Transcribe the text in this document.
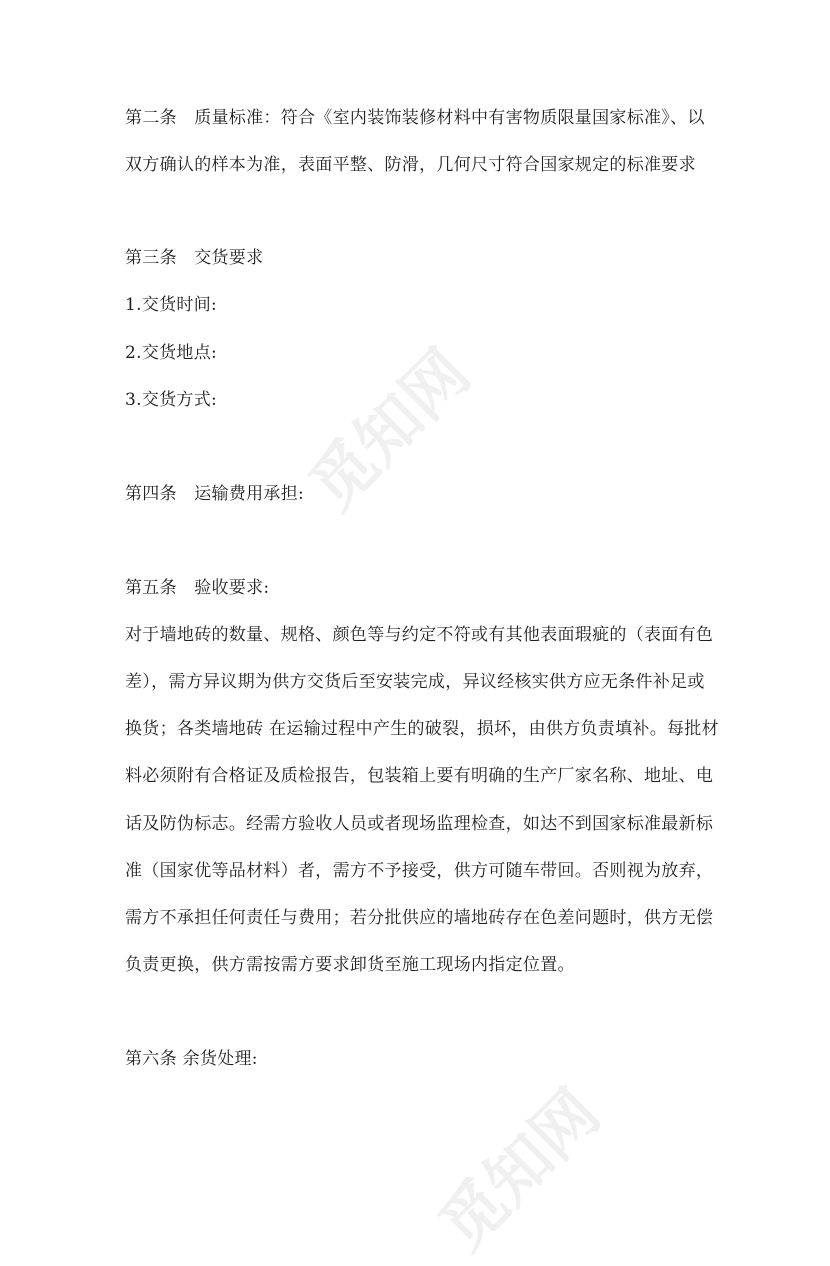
觅知网
觅知网
第二条　质量标准：符合《室内装饰装修材料中有害物质限量国家标准》、以
双方确认的样本为准，表面平整、防滑，几何尺寸符合国家规定的标准要求
第三条　交货要求
1.交货时间:
2.交货地点:
3.交货方式:
第四条　运输费用承担:
第五条　验收要求:
对于墙地砖的数量、规格、颜色等与约定不符或有其他表面瑕疵的（表面有色
差），需方异议期为供方交货后至安装完成，异议经核实供方应无条件补足或
换货；各类墙地砖 在运输过程中产生的破裂，损坏，由供方负责填补。每批材
料必须附有合格证及质检报告，包装箱上要有明确的生产厂家名称、地址、电
话及防伪标志。经需方验收人员或者现场监理检查，如达不到国家标准最新标
准（国家优等品材料）者，需方不予接受，供方可随车带回。否则视为放弃，
需方不承担任何责任与费用；若分批供应的墙地砖存在色差问题时，供方无偿
负责更换，供方需按需方要求卸货至施工现场内指定位置。
第六条 余货处理:
